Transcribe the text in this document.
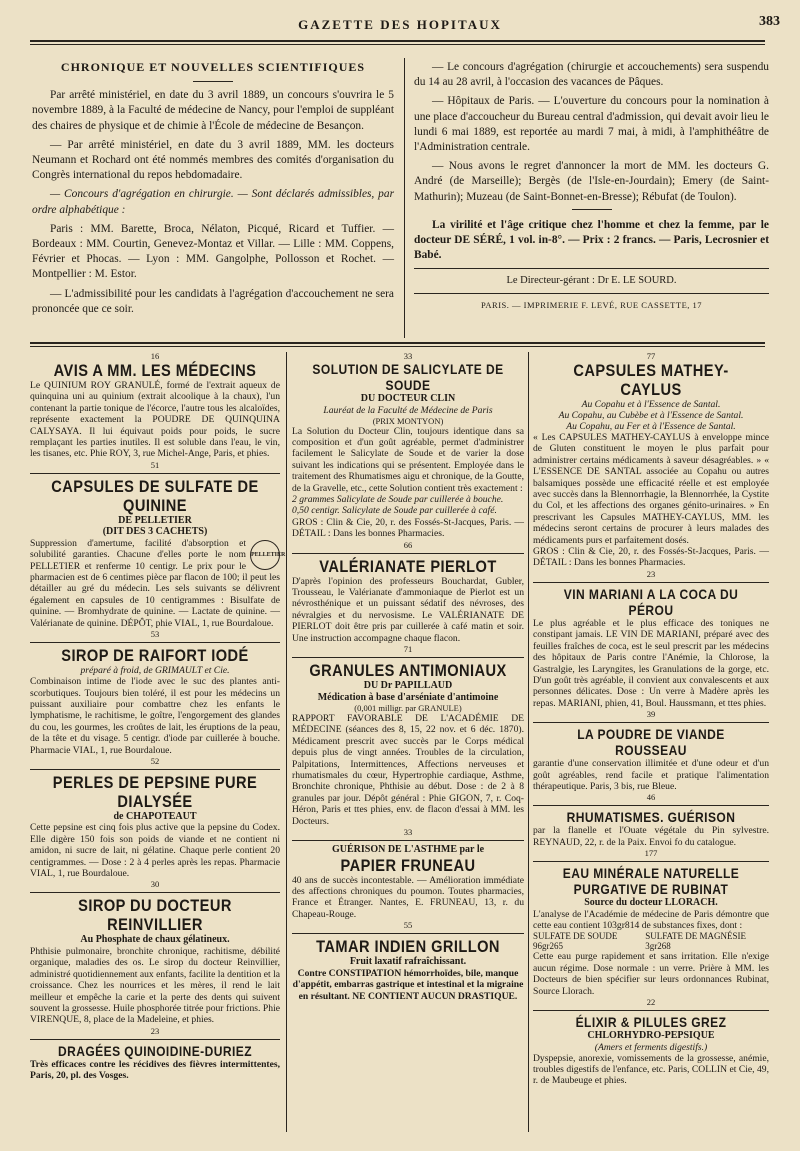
GAZETTE DES HOPITAUX	383
CHRONIQUE ET NOUVELLES SCIENTIFIQUES

Par arrêté ministériel, en date du 3 avril 1889, un concours s'ouvrira le 5 novembre 1889, à la Faculté de médecine de Nancy, pour l'emploi de suppléant des chaires de physique et de chimie à l'École de médecine de Besançon.

— Par arrêté ministériel, en date du 3 avril 1889, MM. les docteurs Neumann et Rochard ont été nommés membres des comités d'organisation du Congrès international du repos hebdomadaire.

— Concours d'agrégation en chirurgie. — Sont déclarés admissibles, par ordre alphabétique :

Paris : MM. Barette, Broca, Nélaton, Picqué, Ricard et Tuffier. — Bordeaux : MM. Courtin, Genevez-Montaz et Villar. — Lille : MM. Coppens, Février et Phocas. — Lyon : MM. Gangolphe, Pollosson et Rochet. — Montpellier : M. Estor.

— L'admissibilité pour les candidats à l'agrégation d'accouchement ne sera prononcée que ce soir.

— Le concours d'agrégation (chirurgie et accouchements) sera suspendu du 14 au 28 avril, à l'occasion des vacances de Pâques.

— Hôpitaux de Paris. — L'ouverture du concours pour la nomination à une place d'accoucheur du Bureau central d'admission, qui devait avoir lieu le lundi 6 mai 1889, est reportée au mardi 7 mai, à midi, à l'amphithéâtre de l'Administration centrale.

— Nous avons le regret d'annoncer la mort de MM. les docteurs G. André (de Marseille); Bergès (de l'Isle-en-Jourdain); Emery (de Saint-Mathurin); Muzeau (de Saint-Bonnet-en-Bresse); Rébufat (de Toulon).

La virilité et l'âge critique chez l'homme et chez la femme, par le docteur DE SÉRÉ, 1 vol. in-8°. — Prix : 2 francs. — Paris, Lecrosnier et Babé.

Le Directeur-gérant : Dr E. LE SOURD.
PARIS. — IMPRIMERIE F. LEVÉ, RUE CASSETTE, 17
16
AVIS A MM. LES MÉDECINS
Le QUINIUM ROY GRANULÉ, formé de l'extrait aqueux de quinquina uni au quinium (extrait alcoolique à la chaux), l'un contenant la partie tonique de l'écorce, l'autre tous les alcaloïdes, représente exactement la POUDRE DE QUINQUINA CALYSAYA. Il lui équivaut poids pour poids, le sucre remplaçant les parties inutiles. Il est soluble dans l'eau, le vin, les tisanes, etc. Phie ROY, 3, rue Michel-Ange, Paris, et phies.
51
CAPSULES DE SULFATE DE QUININE
DE PELLETIER
(DIT DES 3 CACHETS)
PELLETIER
Suppression d'amertume, facilité d'absorption et solubilité garanties. Chacune d'elles porte le nom PELLETIER et renferme 10 centigr. Le prix pour le pharmacien est de 6 centimes pièce par flacon de 100; il peut les détailler au gré du médecin. Les sels suivants se délivrent également en capsules de 10 centigrammes : Bisulfate de quinine. — Bromhydrate de quinine. — Lactate de quinine. — Valérianate de quinine. DÉPÔT, phie VIAL, 1, rue Bourdaloue.
53
SIROP DE RAIFORT IODÉ
préparé à froid, de GRIMAULT et Cie.
Combinaison intime de l'iode avec le suc des plantes anti-scorbutiques. Toujours bien toléré, il est pour les médecins un puissant auxiliaire pour combattre chez les enfants le lymphatisme, le rachitisme, le goître, l'engorgement des glandes du cou, les gourmes, les croûtes de lait, les éruptions de la peau, de la tête et du visage. 5 centigr. d'iode par cuillerée à bouche. Pharmacie VIAL, 1, rue Bourdaloue.
52
PERLES DE PEPSINE PURE DIALYSÉE
de CHAPOTEAUT
Cette pepsine est cinq fois plus active que la pepsine du Codex. Elle digère 150 fois son poids de viande et ne contient ni amidon, ni sucre de lait, ni gélatine. Chaque perle contient 20 centigrammes. — Dose : 2 à 4 perles après les repas. Pharmacie VIAL, 1, rue Bourdaloue.
30
SIROP DU DOCTEUR REINVILLIER
Au Phosphate de chaux gélatineux.
Phthisie pulmonaire, bronchite chronique, rachitisme, débilité organique, maladies des os. Le sirop du docteur Reinvillier, administré quotidiennement aux enfants, facilite la dentition et la croissance. Chez les nourrices et les mères, il rend le lait meilleur et empêche la carie et la perte des dents qui suivent souvent la grossesse. Huile phosphorée titrée pour frictions. Phie VIRENQUE, 8, place de la Madeleine, et phies.
23
DRAGÉES QUINOIDINE-DURIEZ
Très efficaces contre les récidives des fièvres intermittentes, Paris, 20, pl. des Vosges.
33
SOLUTION DE SALICYLATE DE SOUDE
DU DOCTEUR CLIN
Lauréat de la Faculté de Médecine de Paris
(PRIX MONTYON)
La Solution du Docteur Clin, toujours identique dans sa composition et d'un goût agréable, permet d'administrer facilement le Salicylate de Soude et de varier la dose suivant les indications qui se présentent. Employée dans le traitement des Rhumatismes aigu et chronique, de la Goutte, de la Gravelle, etc., cette Solution contient très exactement :
2 grammes Salicylate de Soude par cuillerée à bouche.
0,50 centigr. Salicylate de Soude par cuillerée à café.
GROS : Clin & Cie, 20, r. des Fossés-St-Jacques, Paris. — DÉTAIL : Dans les bonnes Pharmacies.
66
VALÉRIANATE PIERLOT
D'après l'opinion des professeurs Bouchardat, Gubler, Trousseau, le Valérianate d'ammoniaque de Pierlot est un névrosthénique et un puissant sédatif des névroses, des névralgies et du nervosisme. Le VALÉRIANATE DE PIERLOT doit être pris par cuillerée à café matin et soir. Une instruction accompagne chaque flacon.
71
GRANULES ANTIMONIAUX
DU Dr PAPILLAUD
Médication à base d'arséniate d'antimoine
(0,001 milligr. par GRANULE)
RAPPORT FAVORABLE DE L'ACADÉMIE DE MÉDECINE (séances des 8, 15, 22 nov. et 6 déc. 1870). Médicament prescrit avec succès par le Corps médical depuis plus de vingt années. Troubles de la circulation, Palpitations, Intermittences, Affections nerveuses et rhumatismales du cœur, Hypertrophie cardiaque, Asthme, Bronchite chronique, Phthisie au début. Dose : de 2 à 8 granules par jour. Dépôt général : Phie GIGON, 7, r. Coq-Héron, Paris et ttes phies, env. de flacon d'essai à MM. les Docteurs.
33
GUÉRISON DE L'ASTHME par le
PAPIER FRUNEAU
40 ans de succès incontestable. — Amélioration immédiate des affections chroniques du poumon. Toutes pharmacies, France et Étranger. Nantes, E. FRUNEAU, 13, r. du Chapeau-Rouge.
55
TAMAR INDIEN GRILLON
Fruit laxatif rafraîchissant.
Contre CONSTIPATION hémorrhoïdes, bile, manque d'appétit, embarras gastrique et intestinal et la migraine en résultant. NE CONTIENT AUCUN DRASTIQUE.
77
CAPSULES MATHEY-CAYLUS
Au Copahu et à l'Essence de Santal.
Au Copahu, au Cubèbe et à l'Essence de Santal.
Au Copahu, au Fer et à l'Essence de Santal.
« Les CAPSULES MATHEY-CAYLUS à enveloppe mince de Gluten constituent le moyen le plus parfait pour administrer certains médicaments à saveur désagréables. » « L'ESSENCE DE SANTAL associée au Copahu ou autres balsamiques possède une efficacité réelle et est employée avec succès dans la Blennorrhagie, la Blennorrhée, la Cystite du Col, et les affections des organes génito-urinaires. » En prescrivant les Capsules MATHEY-CAYLUS, MM. les médecins seront certains de procurer à leurs malades des médicaments purs et parfaitement dosés.
GROS : Clin & Cie, 20, r. des Fossés-St-Jacques, Paris. — DÉTAIL : Dans les bonnes Pharmacies.
23
VIN MARIANI A LA COCA DU PÉROU
Le plus agréable et le plus efficace des toniques ne constipant jamais. LE VIN DE MARIANI, préparé avec des feuilles fraîches de coca, est le seul prescrit par les médecins des hôpitaux de Paris contre l'Anémie, la Chlorose, la Gastralgie, les Laryngites, les Granulations de la gorge, etc. D'un goût très agréable, il convient aux convalescents et aux personnes délicates. Dose : Un verre à Madère après les repas. MARIANI, phien, 41, Boul. Haussmann, et ttes phies.
39
LA POUDRE DE VIANDE ROUSSEAU
garantie d'une conservation illimitée et d'une odeur et d'un goût agréables, rend facile et pratique l'alimentation thérapeutique. Paris, 3 bis, rue Bleue.
46
RHUMATISMES. GUÉRISON
par la flanelle et l'Ouate végétale du Pin sylvestre. REYNAUD, 22, r. de la Paix. Envoi fo du catalogue.
177
EAU MINÉRALE NATURELLE PURGATIVE DE RUBINAT
Source du docteur LLORACH.
L'analyse de l'Académie de médecine de Paris démontre que cette eau contient 103gr814 de substances fixes, dont :
SULFATE DE SOUDE 96gr265
SULFATE DE MAGNÉSIE 3gr268
Cette eau purge rapidement et sans irritation. Elle n'exige aucun régime. Dose normale : un verre. Prière à MM. les Docteurs de bien spécifier sur leurs ordonnances Rubinat, Source Llorach.
22
ÉLIXIR & PILULES GREZ
CHLORHYDRO-PEPSIQUE
(Amers et ferments digestifs.)
Dyspepsie, anorexie, vomissements de la grossesse, anémie, troubles digestifs de l'enfance, etc. Paris, COLLIN et Cie, 49, r. de Maubeuge et phies.
